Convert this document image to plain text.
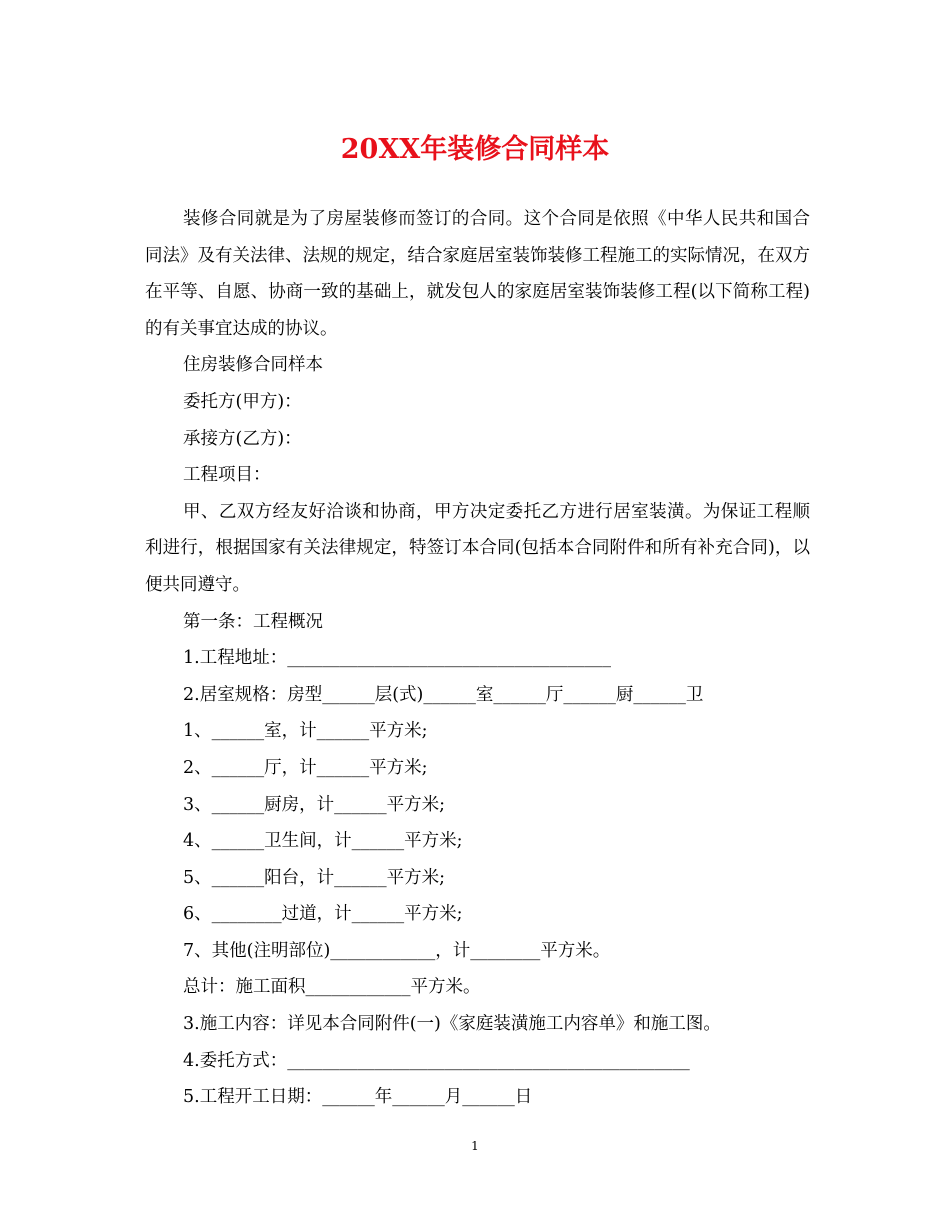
20XX年装修合同样本

装修合同就是为了房屋装修而签订的合同。这个合同是依照《中华人民共和国合同法》及有关法律、法规的规定，结合家庭居室装饰装修工程施工的实际情况，在双方在平等、自愿、协商一致的基础上，就发包人的家庭居室装饰装修工程(以下简称工程)的有关事宜达成的协议。

住房装修合同样本

委托方(甲方)：

承接方(乙方)：

工程项目：

甲、乙双方经友好洽谈和协商，甲方决定委托乙方进行居室装潢。为保证工程顺利进行，根据国家有关法律规定，特签订本合同(包括本合同附件和所有补充合同)，以便共同遵守。

第一条：工程概况

1.工程地址：_____________________________________

2.居室规格：房型______层(式)______室______厅______厨______卫

1、______室，计______平方米;

2、______厅，计______平方米;

3、______厨房，计______平方米;

4、______卫生间，计______平方米;

5、______阳台，计______平方米;

6、________过道，计______平方米;

7、其他(注明部位)____________，计________平方米。

总计：施工面积____________平方米。

3.施工内容：详见本合同附件(一)《家庭装潢施工内容单》和施工图。

4.委托方式：______________________________________________

5.工程开工日期：______年______月______日

1
